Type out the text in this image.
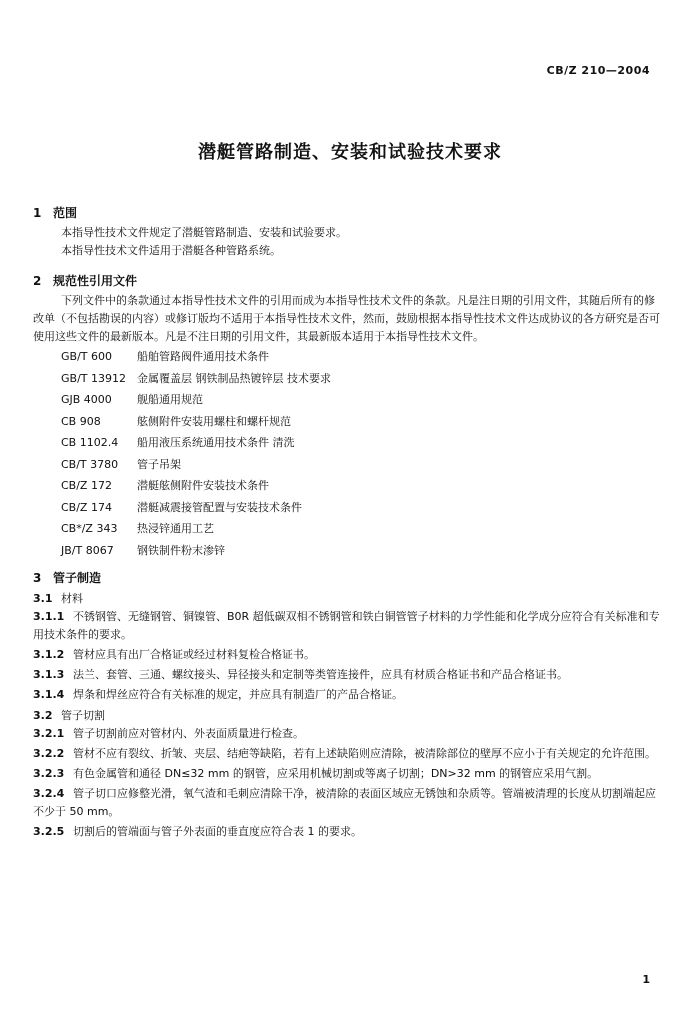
CB/Z 210—2004
潜艇管路制造、安装和试验技术要求
1 范围
本指导性技术文件规定了潜艇管路制造、安装和试验要求。
本指导性技术文件适用于潜艇各种管路系统。
2 规范性引用文件
下列文件中的条款通过本指导性技术文件的引用而成为本指导性技术文件的条款。凡是注日期的引用文件，其随后所有的修改单（不包括勘误的内容）或修订版均不适用于本指导性技术文件，然而，鼓励根据本指导性技术文件达成协议的各方研究是否可使用这些文件的最新版本。凡是不注日期的引用文件，其最新版本适用于本指导性技术文件。
GB/T 600 船舶管路阀件通用技术条件
GB/T 13912 金属覆盖层 钢铁制品热镀锌层 技术要求
GJB 4000 舰船通用规范
CB 908	舷侧附件安装用螺柱和螺杆规范
CB 1102.4 船用液压系统通用技术条件 清洗
CB/T 3780 管子吊架
CB/Z 172 潜艇舷侧附件安装技术条件
CB/Z 174 潜艇减震接管配置与安装技术条件
CB*/Z 343 热浸锌通用工艺
JB/T 8067 钢铁制件粉末渗锌
3 管子制造
3.1 材料
3.1.1 不锈钢管、无缝钢管、铜镍管、B0R 超低碳双相不锈钢管和铁白铜管管子材料的力学性能和化学成分应符合有关标准和专用技术条件的要求。
3.1.2 管材应具有出厂合格证或经过材料复检合格证书。
3.1.3 法兰、套管、三通、螺纹接头、异径接头和定制等类管连接件，应具有材质合格证书和产品合格证书。
3.1.4 焊条和焊丝应符合有关标准的规定，并应具有制造厂的产品合格证。
3.2 管子切割
3.2.1 管子切割前应对管材内、外表面质量进行检查。
3.2.2 管材不应有裂纹、折皱、夹层、结疤等缺陷，若有上述缺陷则应清除，被清除部位的壁厚不应小于有关规定的允许范围。
3.2.3 有色金属管和通径 DN≤32 mm 的钢管，应采用机械切割或等离子切割；DN>32 mm 的钢管应采用气割。
3.2.4 管子切口应修整光滑，氧气渣和毛刺应清除干净，被清除的表面区域应无锈蚀和杂质等。管端被清理的长度从切割端起应不少于 50 mm。
3.2.5 切割后的管端面与管子外表面的垂直度应符合表 1 的要求。
1
